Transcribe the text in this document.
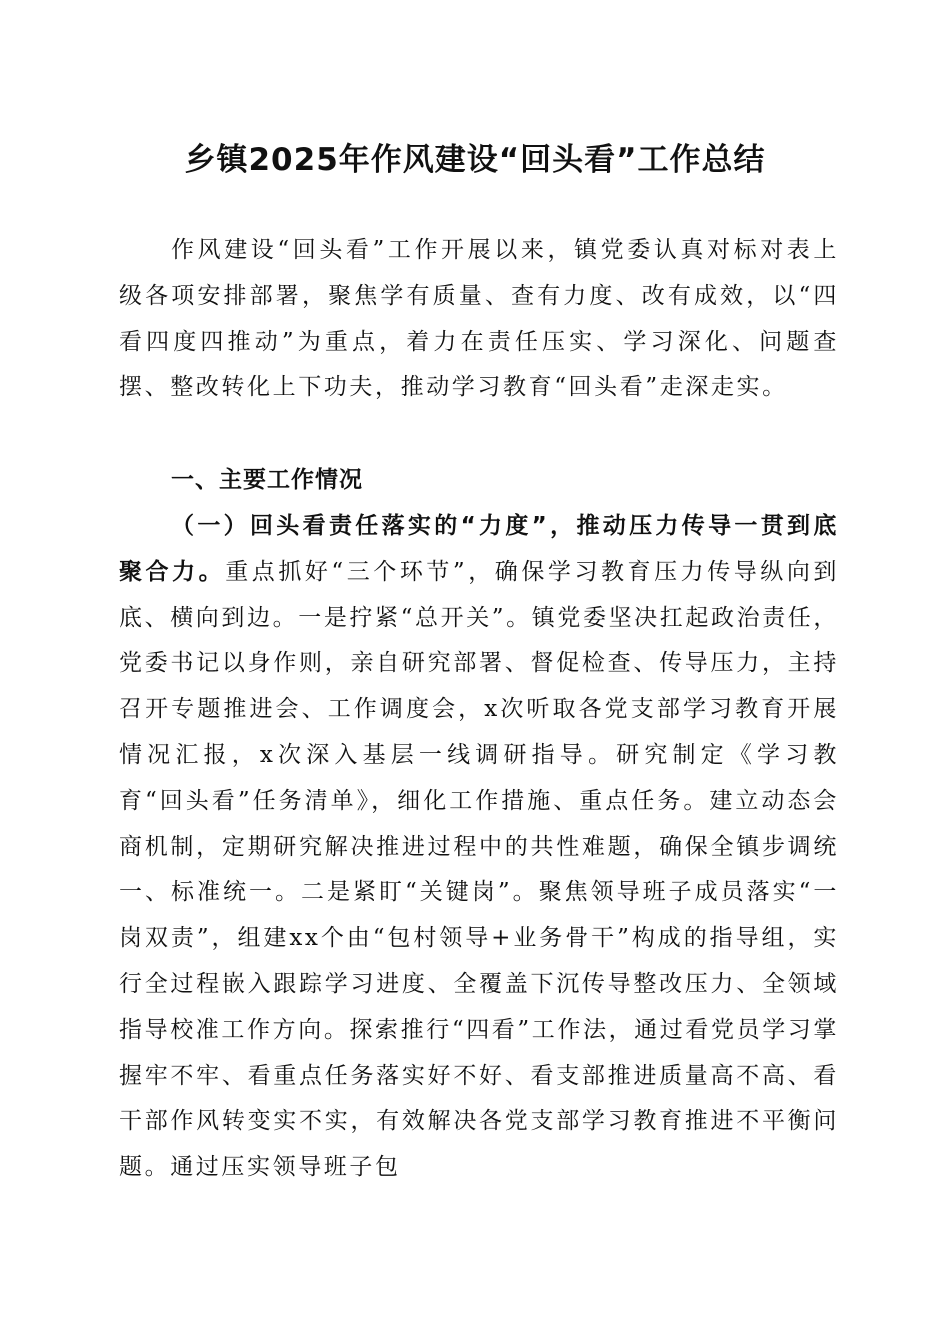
乡镇2025年作风建设“回头看”工作总结
作风建设“回头看”工作开展以来，镇党委认真对标对表上级各项安排部署，聚焦学有质量、查有力度、改有成效，以“四看四度四推动”为重点，着力在责任压实、学习深化、问题查摆、整改转化上下功夫，推动学习教育“回头看”走深走实。
一、主要工作情况
（一）回头看责任落实的“力度”，推动压力传导一贯到底聚合力。重点抓好“三个环节”，确保学习教育压力传导纵向到底、横向到边。一是拧紧“总开关”。镇党委坚决扛起政治责任，党委书记以身作则，亲自研究部署、督促检查、传导压力，主持召开专题推进会、工作调度会，x次听取各党支部学习教育开展情况汇报，x次深入基层一线调研指导。研究制定《学习教育“回头看”任务清单》，细化工作措施、重点任务。建立动态会商机制，定期研究解决推进过程中的共性难题，确保全镇步调统一、标准统一。二是紧盯“关键岗”。聚焦领导班子成员落实“一岗双责”，组建xx个由“包村领导+业务骨干”构成的指导组，实行全过程嵌入跟踪学习进度、全覆盖下沉传导整改压力、全领域指导校准工作方向。探索推行“四看”工作法，通过看党员学习掌握牢不牢、看重点任务落实好不好、看支部推进质量高不高、看干部作风转变实不实，有效解决各党支部学习教育推进不平衡问题。通过压实领导班子包
